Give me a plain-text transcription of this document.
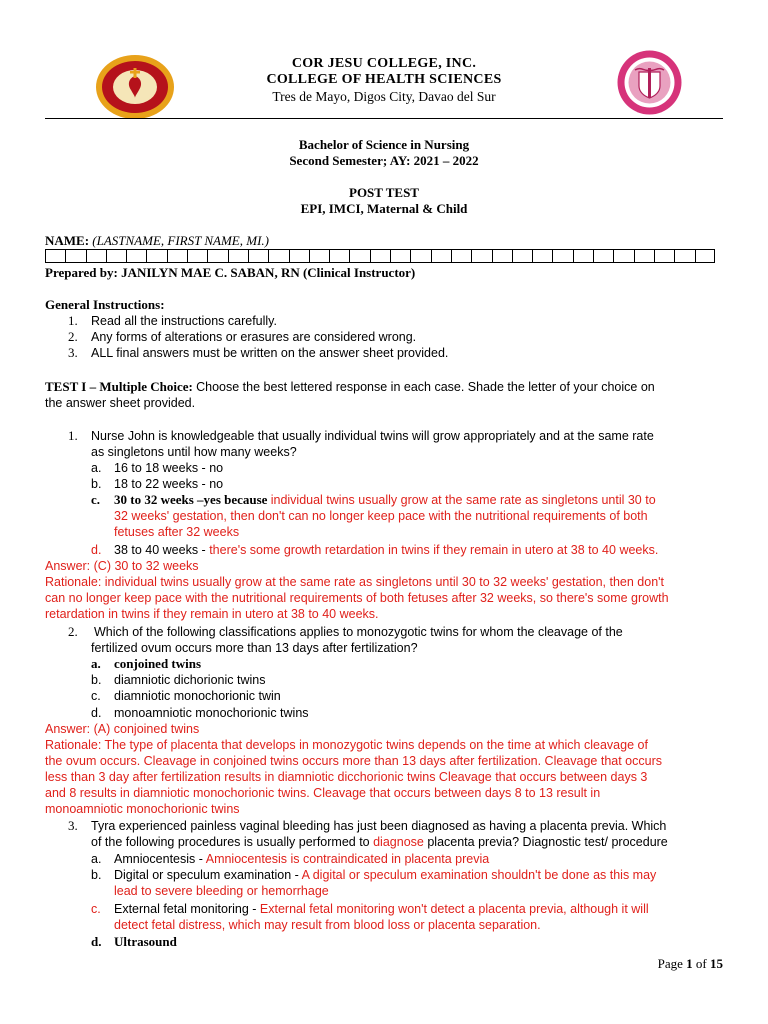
COR JESU COLLEGE, INC.
COLLEGE OF HEALTH SCIENCES
Tres de Mayo, Digos City, Davao del Sur
Bachelor of Science in Nursing
Second Semester; AY: 2021 – 2022
POST TEST
EPI, IMCI, Maternal & Child
NAME: (LASTNAME, FIRST NAME, MI.)
Prepared by: JANILYN MAE C. SABAN, RN (Clinical Instructor)
General Instructions:
1. Read all the instructions carefully.
2. Any forms of alterations or erasures are considered wrong.
3. ALL final answers must be written on the answer sheet provided.
TEST I – Multiple Choice: Choose the best lettered response in each case. Shade the letter of your choice on
the answer sheet provided.
1. Nurse John is knowledgeable that usually individual twins will grow appropriately and at the same rate
as singletons until how many weeks?
a. 16 to 18 weeks - no
b. 18 to 22 weeks - no
c. 30 to 32 weeks –yes because individual twins usually grow at the same rate as singletons until 30 to
32 weeks' gestation, then don't can no longer keep pace with the nutritional requirements of both
fetuses after 32 weeks
d. 38 to 40 weeks - there's some growth retardation in twins if they remain in utero at 38 to 40 weeks.
Answer: (C) 30 to 32 weeks
Rationale: individual twins usually grow at the same rate as singletons until 30 to 32 weeks' gestation, then don't
can no longer keep pace with the nutritional requirements of both fetuses after 32 weeks, so there's some growth
retardation in twins if they remain in utero at 38 to 40 weeks.
2. Which of the following classifications applies to monozygotic twins for whom the cleavage of the
fertilized ovum occurs more than 13 days after fertilization?
a. conjoined twins
b. diamniotic dichorionic twins
c. diamniotic monochorionic twin
d. monoamniotic monochorionic twins
Answer: (A) conjoined twins
Rationale: The type of placenta that develops in monozygotic twins depends on the time at which cleavage of
the ovum occurs. Cleavage in conjoined twins occurs more than 13 days after fertilization. Cleavage that occurs
less than 3 day after fertilization results in diamniotic dicchorionic twins Cleavage that occurs between days 3
and 8 results in diamniotic monochorionic twins. Cleavage that occurs between days 8 to 13 result in
monoamniotic monochorionic twins
3. Tyra experienced painless vaginal bleeding has just been diagnosed as having a placenta previa. Which
of the following procedures is usually performed to diagnose placenta previa? Diagnostic test/ procedure
a. Amniocentesis - Amniocentesis is contraindicated in placenta previa
b. Digital or speculum examination - A digital or speculum examination shouldn't be done as this may
lead to severe bleeding or hemorrhage
c. External fetal monitoring - External fetal monitoring won't detect a placenta previa, although it will
detect fetal distress, which may result from blood loss or placenta separation.
d. Ultrasound
Page 1 of 15
